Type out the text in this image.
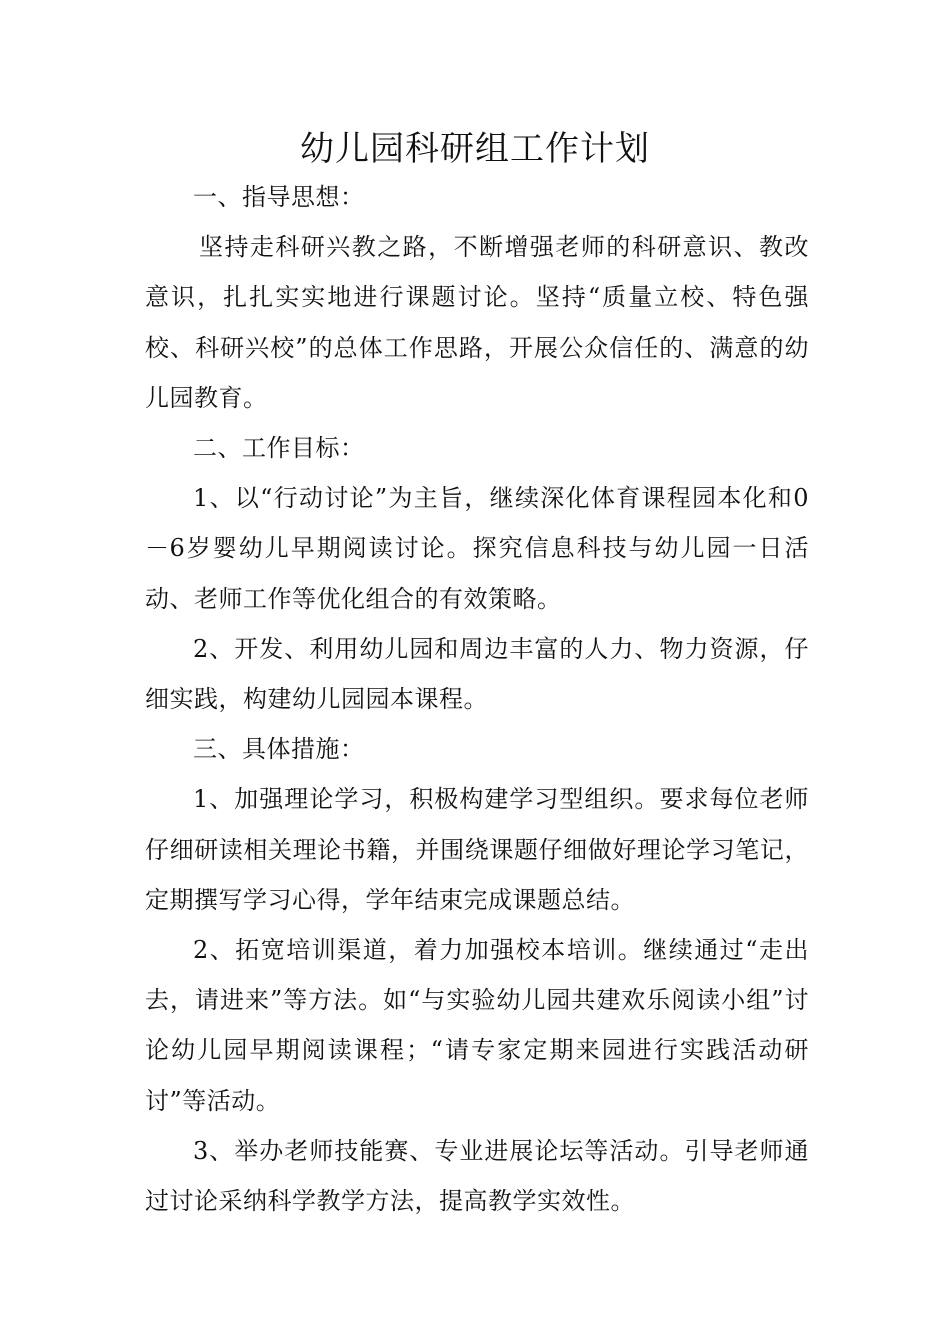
幼儿园科研组工作计划

一、指导思想：

坚持走科研兴教之路，不断增强老师的科研意识、教改意识，扎扎实实地进行课题讨论。坚持“质量立校、特色强校、科研兴校”的总体工作思路，开展公众信任的、满意的幼儿园教育。

二、工作目标：

1、以“行动讨论”为主旨，继续深化体育课程园本化和0－6岁婴幼儿早期阅读讨论。探究信息科技与幼儿园一日活动、老师工作等优化组合的有效策略。

2、开发、利用幼儿园和周边丰富的人力、物力资源，仔细实践，构建幼儿园园本课程。

三、具体措施：

1、加强理论学习，积极构建学习型组织。要求每位老师仔细研读相关理论书籍，并围绕课题仔细做好理论学习笔记，定期撰写学习心得，学年结束完成课题总结。

2、拓宽培训渠道，着力加强校本培训。继续通过“走出去，请进来”等方法。如“与实验幼儿园共建欢乐阅读小组”讨论幼儿园早期阅读课程；“请专家定期来园进行实践活动研讨”等活动。

3、举办老师技能赛、专业进展论坛等活动。引导老师通过讨论采纳科学教学方法，提高教学实效性。
